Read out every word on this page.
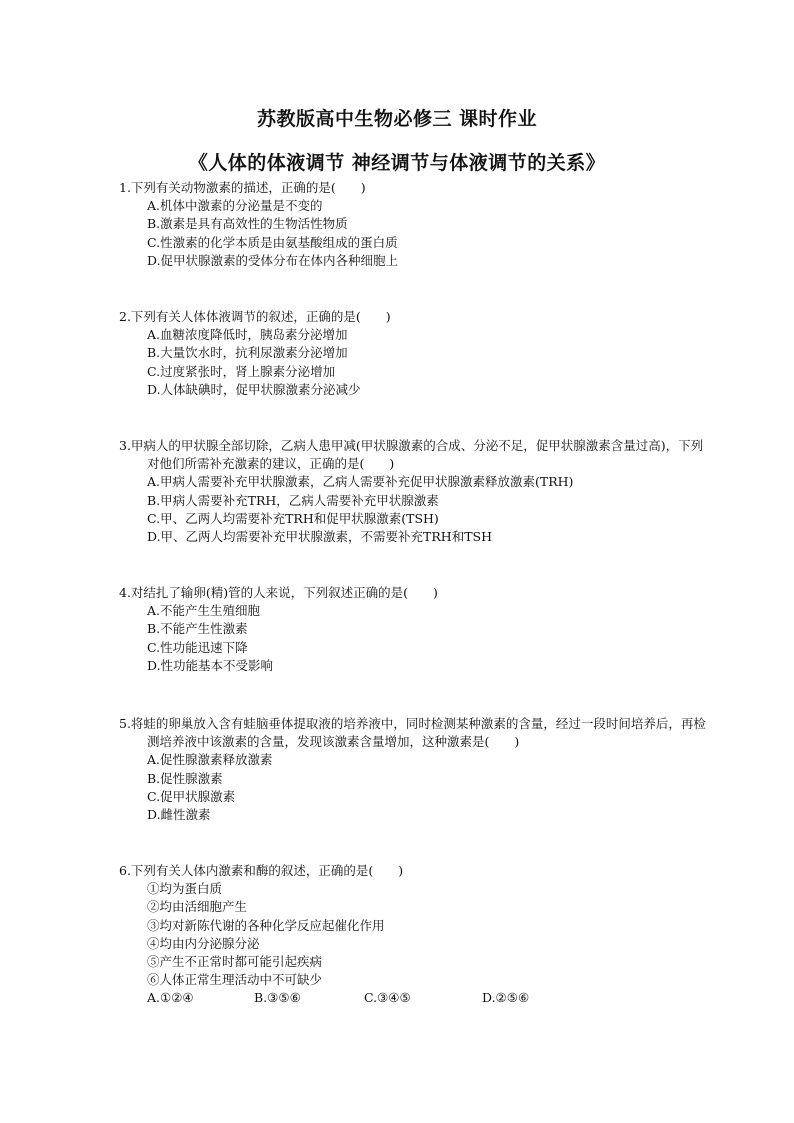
苏教版高中生物必修三 课时作业
《人体的体液调节 神经调节与体液调节的关系》

1.下列有关动物激素的描述，正确的是(　　)

A.机体中激素的分泌量是不变的

B.激素是具有高效性的生物活性物质

C.性激素的化学本质是由氨基酸组成的蛋白质

D.促甲状腺激素的受体分布在体内各种细胞上

2.下列有关人体体液调节的叙述，正确的是(　　)

A.血糖浓度降低时，胰岛素分泌增加

B.大量饮水时，抗利尿激素分泌增加

C.过度紧张时，肾上腺素分泌增加

D.人体缺碘时，促甲状腺激素分泌减少

3.甲病人的甲状腺全部切除，乙病人患甲减(甲状腺激素的合成、分泌不足，促甲状腺激素含量过高)，下列对他们所需补充激素的建议，正确的是(　　)

A.甲病人需要补充甲状腺激素，乙病人需要补充促甲状腺激素释放激素(TRH)

B.甲病人需要补充TRH，乙病人需要补充甲状腺激素

C.甲、乙两人均需要补充TRH和促甲状腺激素(TSH)

D.甲、乙两人均需要补充甲状腺激素，不需要补充TRH和TSH

4.对结扎了输卵(精)管的人来说，下列叙述正确的是(　　)

A.不能产生生殖细胞

B.不能产生性激素

C.性功能迅速下降

D.性功能基本不受影响

5.将蛙的卵巢放入含有蛙脑垂体提取液的培养液中，同时检测某种激素的含量，经过一段时间培养后，再检测培养液中该激素的含量，发现该激素含量增加，这种激素是(　　)

A.促性腺激素释放激素

B.促性腺激素

C.促甲状腺激素

D.雌性激素

6.下列有关人体内激素和酶的叙述，正确的是(　　)

①均为蛋白质

②均由活细胞产生

③均对新陈代谢的各种化学反应起催化作用

④均由内分泌腺分泌

⑤产生不正常时都可能引起疾病

⑥人体正常生理活动中不可缺少

A.①②④	B.③⑤⑥	C.③④⑤	D.②⑤⑥
